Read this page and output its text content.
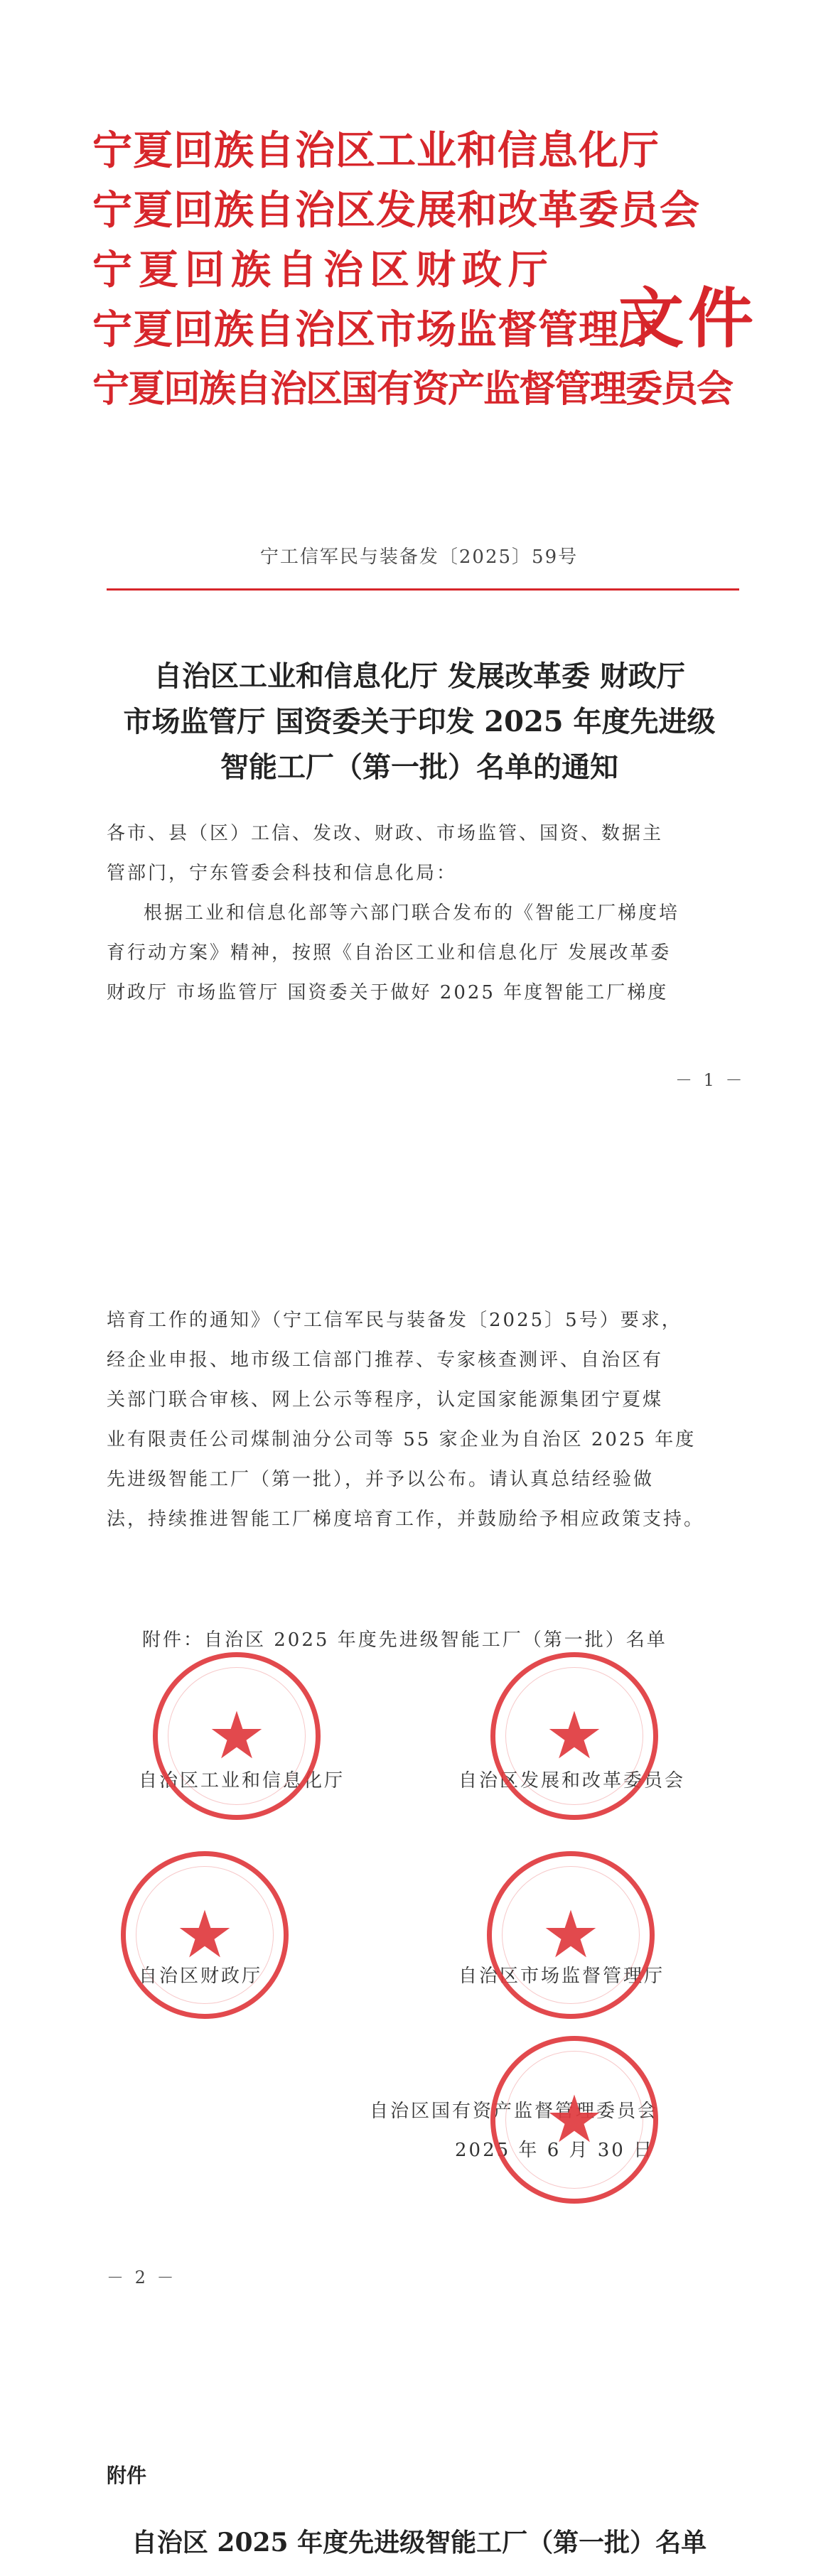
宁夏回族自治区工业和信息化厅
宁夏回族自治区发展和改革委员会
宁夏回族自治区财政厅
宁夏回族自治区市场监督管理厅
宁夏回族自治区国有资产监督管理委员会
文件
宁工信军民与装备发〔2025〕59号
自治区工业和信息化厅 发展改革委 财政厅
市场监管厅 国资委关于印发 2025 年度先进级
智能工厂（第一批）名单的通知
各市、县（区）工信、发改、财政、市场监管、国资、数据主
管部门，宁东管委会科技和信息化局：
根据工业和信息化部等六部门联合发布的《智能工厂梯度培
育行动方案》精神，按照《自治区工业和信息化厅 发展改革委
财政厅 市场监管厅 国资委关于做好 2025 年度智能工厂梯度
－ 1 －
培育工作的通知》（宁工信军民与装备发〔2025〕5号）要求，
经企业申报、地市级工信部门推荐、专家核查测评、自治区有
关部门联合审核、网上公示等程序，认定国家能源集团宁夏煤
业有限责任公司煤制油分公司等 55 家企业为自治区 2025 年度
先进级智能工厂（第一批），并予以公布。请认真总结经验做
法，持续推进智能工厂梯度培育工作，并鼓励给予相应政策支持。
附件：自治区 2025 年度先进级智能工厂（第一批）名单
自治区工业和信息化厅	自治区发展和改革委员会
自治区财政厅	自治区市场监督管理厅
自治区国有资产监督管理委员会
2025 年 6 月 30 日
★	★
★	★
★
－ 2 －
附件
自治区 2025 年度先进级智能工厂（第一批）名单
